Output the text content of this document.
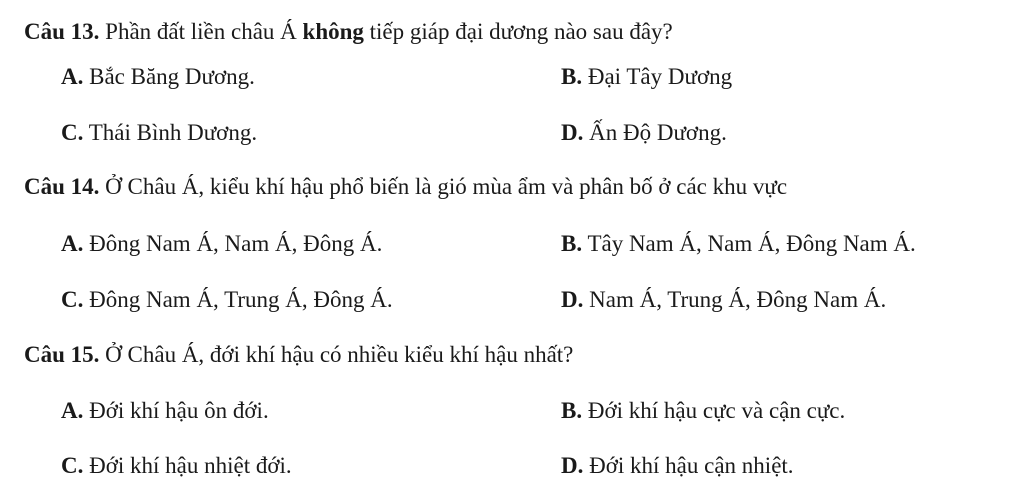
Câu 13. Phần đất liền châu Á không tiếp giáp đại dương nào sau đây?
A. Bắc Băng Dương.	B. Đại Tây Dương
C. Thái Bình Dương.	D. Ấn Độ Dương.
Câu 14. Ở Châu Á, kiểu khí hậu phổ biến là gió mùa ẩm và phân bố ở các khu vực
A. Đông Nam Á, Nam Á, Đông Á.	B. Tây Nam Á, Nam Á, Đông Nam Á.
C. Đông Nam Á, Trung Á, Đông Á.	D. Nam Á, Trung Á, Đông Nam Á.
Câu 15. Ở Châu Á, đới khí hậu có nhiều kiểu khí hậu nhất?
A. Đới khí hậu ôn đới.	B. Đới khí hậu cực và cận cực.
C. Đới khí hậu nhiệt đới.	D. Đới khí hậu cận nhiệt.
